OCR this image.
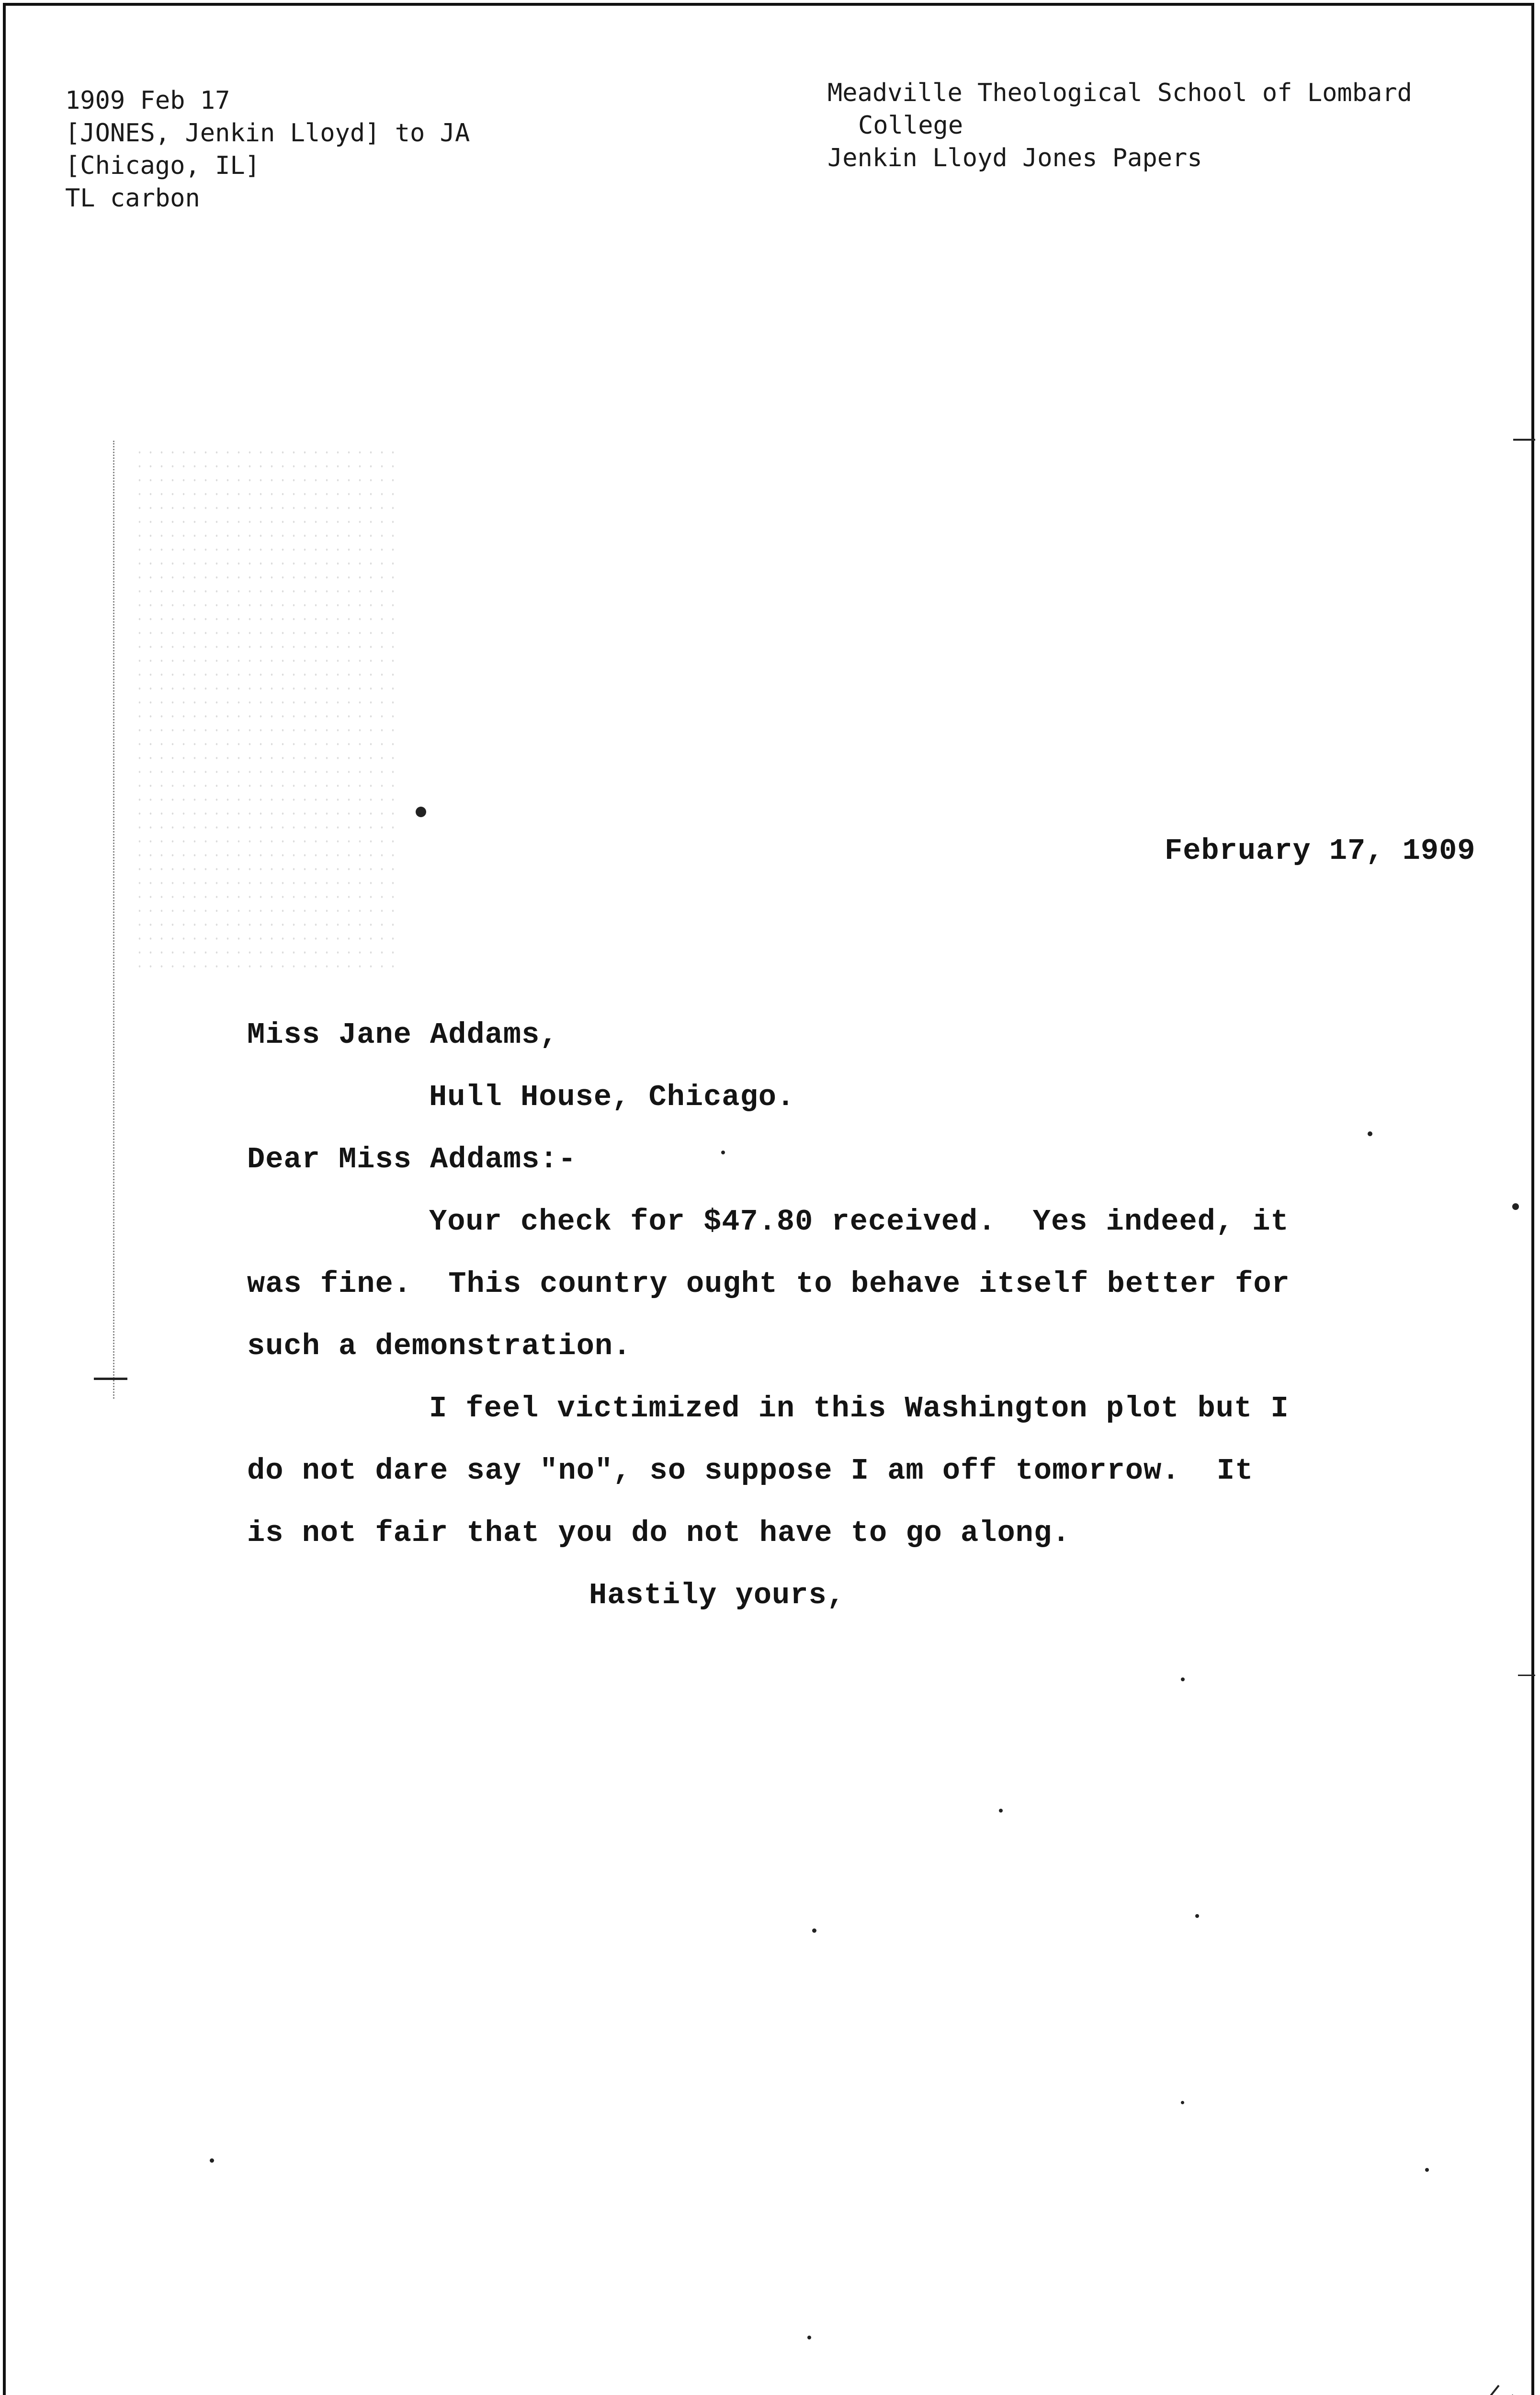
1909 Feb 17
[JONES, Jenkin Lloyd] to JA
[Chicago, IL]
TL carbon
Meadville Theological School of Lombard
College
Jenkin Lloyd Jones Papers
February 17, 1909
Miss Jane Addams,
Hull House, Chicago.
Dear Miss Addams:-
Your check for $47.80 received.  Yes indeed, it
was fine.  This country ought to behave itself better for
such a demonstration.
I feel victimized in this Washington plot but I
do not dare say "no", so suppose I am off tomorrow.  It
is not fair that you do not have to go along.
Hastily yours,
